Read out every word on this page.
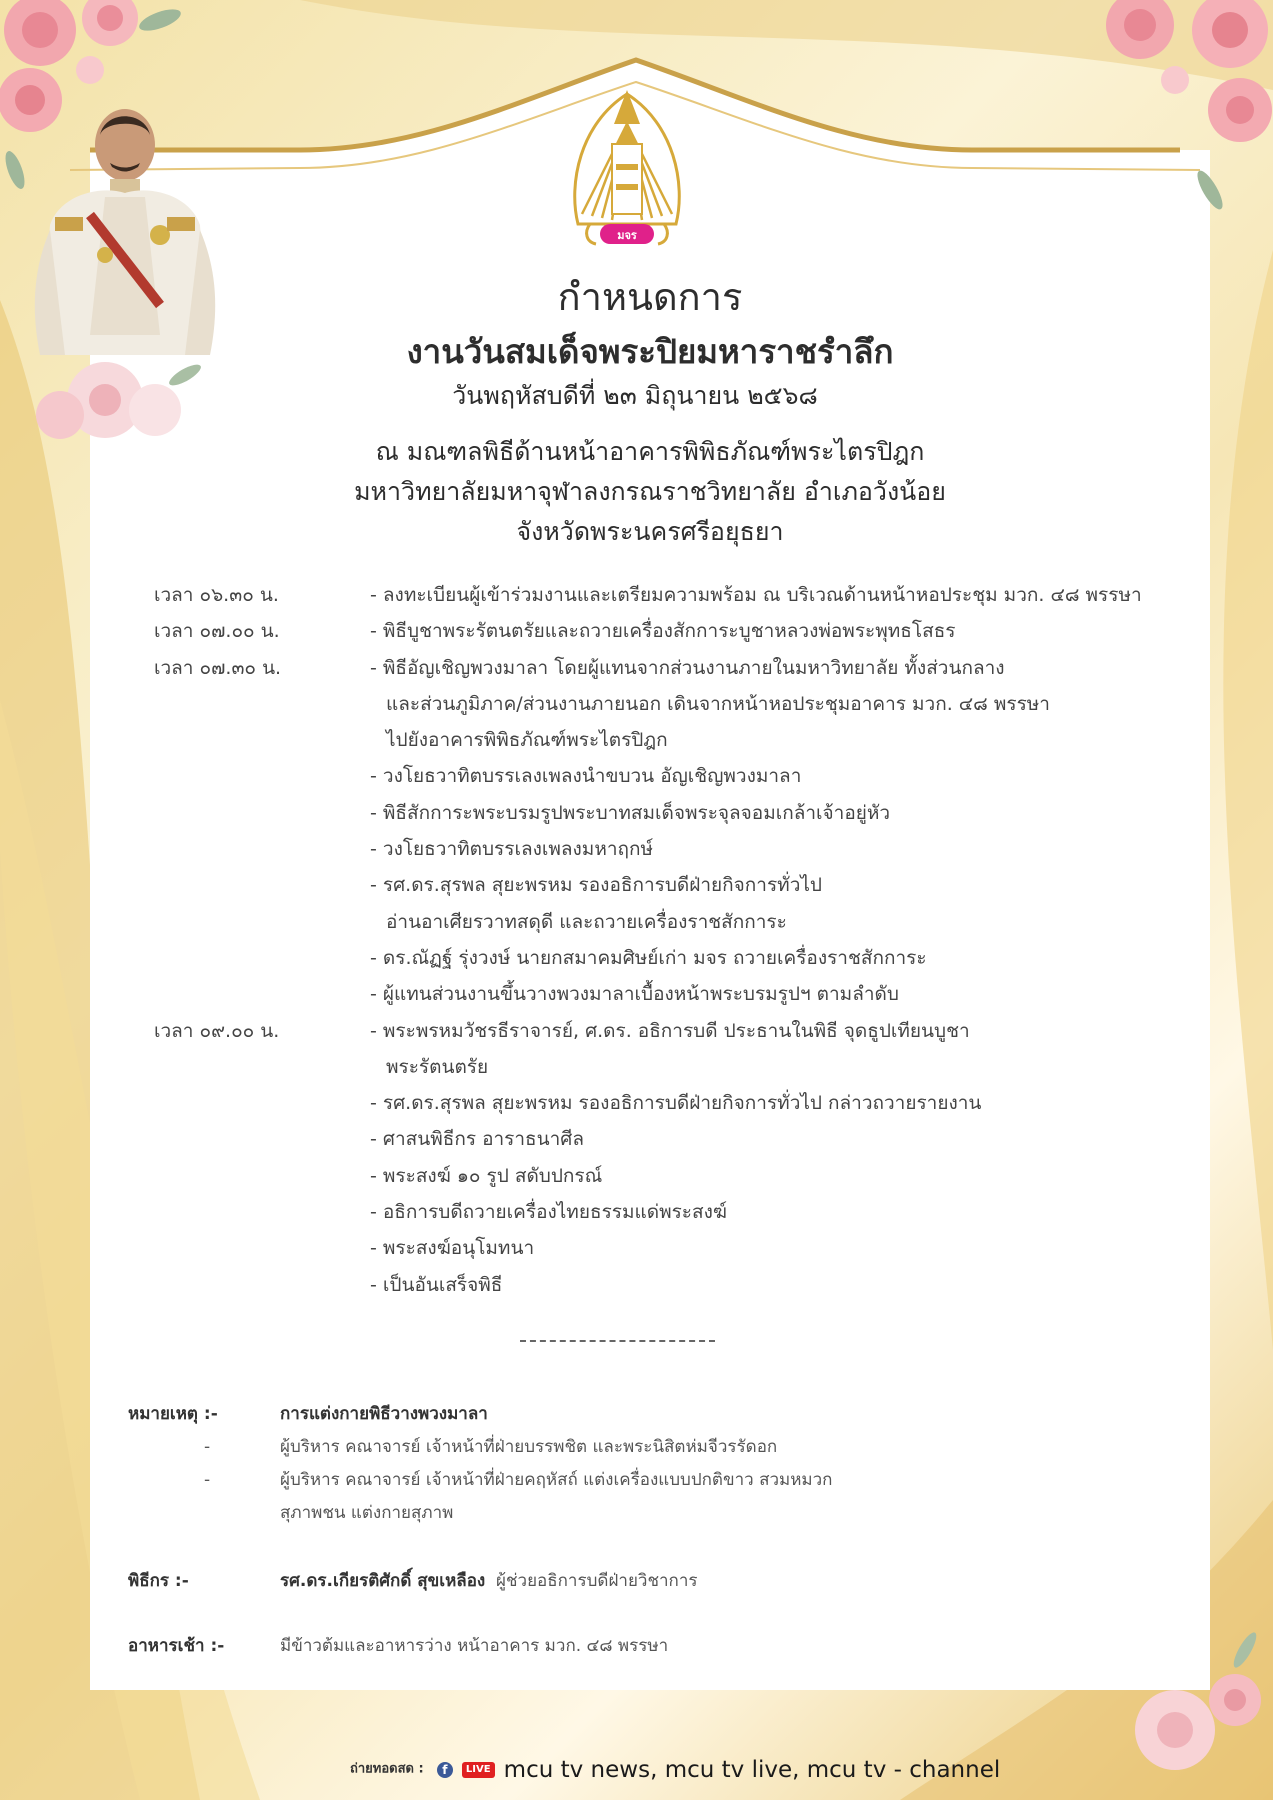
มจร
กำหนดการ
งานวันสมเด็จพระปิยมหาราชรำลึก
วันพฤหัสบดีที่ ๒๓ มิถุนายน ๒๕๖๘
ณ มณฑลพิธีด้านหน้าอาคารพิพิธภัณฑ์พระไตรปิฎก
มหาวิทยาลัยมหาจุฬาลงกรณราชวิทยาลัย อำเภอวังน้อย
จังหวัดพระนครศรีอยุธยา
เวลา ๐๖.๓๐ น.	- ลงทะเบียนผู้เข้าร่วมงานและเตรียมความพร้อม ณ บริเวณด้านหน้าหอประชุม มวก. ๔๘ พรรษา
เวลา ๐๗.๐๐ น.	- พิธีบูชาพระรัตนตรัยและถวายเครื่องสักการะบูชาหลวงพ่อพระพุทธโสธร
เวลา ๐๗.๓๐ น.	- พิธีอัญเชิญพวงมาลา โดยผู้แทนจากส่วนงานภายในมหาวิทยาลัย ทั้งส่วนกลาง
และส่วนภูมิภาค/ส่วนงานภายนอก เดินจากหน้าหอประชุมอาคาร มวก. ๔๘ พรรษา
ไปยังอาคารพิพิธภัณฑ์พระไตรปิฎก
- วงโยธวาทิตบรรเลงเพลงนำขบวน อัญเชิญพวงมาลา
- พิธีสักการะพระบรมรูปพระบาทสมเด็จพระจุลจอมเกล้าเจ้าอยู่หัว
- วงโยธวาทิตบรรเลงเพลงมหาฤกษ์
- รศ.ดร.สุรพล สุยะพรหม รองอธิการบดีฝ่ายกิจการทั่วไป
อ่านอาเศียรวาทสดุดี และถวายเครื่องราชสักการะ
- ดร.ณัฏฐ์ รุ่งวงษ์ นายกสมาคมศิษย์เก่า มจร ถวายเครื่องราชสักการะ
- ผู้แทนส่วนงานขึ้นวางพวงมาลาเบื้องหน้าพระบรมรูปฯ ตามลำดับ
เวลา ๐๙.๐๐ น.	- พระพรหมวัชรธีราจารย์, ศ.ดร. อธิการบดี ประธานในพิธี จุดธูปเทียนบูชา
พระรัตนตรัย
- รศ.ดร.สุรพล สุยะพรหม รองอธิการบดีฝ่ายกิจการทั่วไป กล่าวถวายรายงาน
- ศาสนพิธีกร อาราธนาศีล
- พระสงฆ์ ๑๐ รูป สดับปกรณ์
- อธิการบดีถวายเครื่องไทยธรรมแด่พระสงฆ์
- พระสงฆ์อนุโมทนา
- เป็นอันเสร็จพิธี
หมายเหตุ :-	การแต่งกายพิธีวางพวงมาลา
-	ผู้บริหาร คณาจารย์ เจ้าหน้าที่ฝ่ายบรรพชิต และพระนิสิตห่มจีวรรัดอก
-	ผู้บริหาร คณาจารย์ เจ้าหน้าที่ฝ่ายคฤหัสถ์ แต่งเครื่องแบบปกติขาว สวมหมวก
สุภาพชน แต่งกายสุภาพ
พิธีกร :-	รศ.ดร.เกียรติศักดิ์ สุขเหลือง ผู้ช่วยอธิการบดีฝ่ายวิชาการ
อาหารเช้า :-	มีข้าวต้มและอาหารว่าง หน้าอาคาร มวก. ๔๘ พรรษา
ถ่ายทอดสด : f LIVE mcu tv news, mcu tv live, mcu tv - channel
